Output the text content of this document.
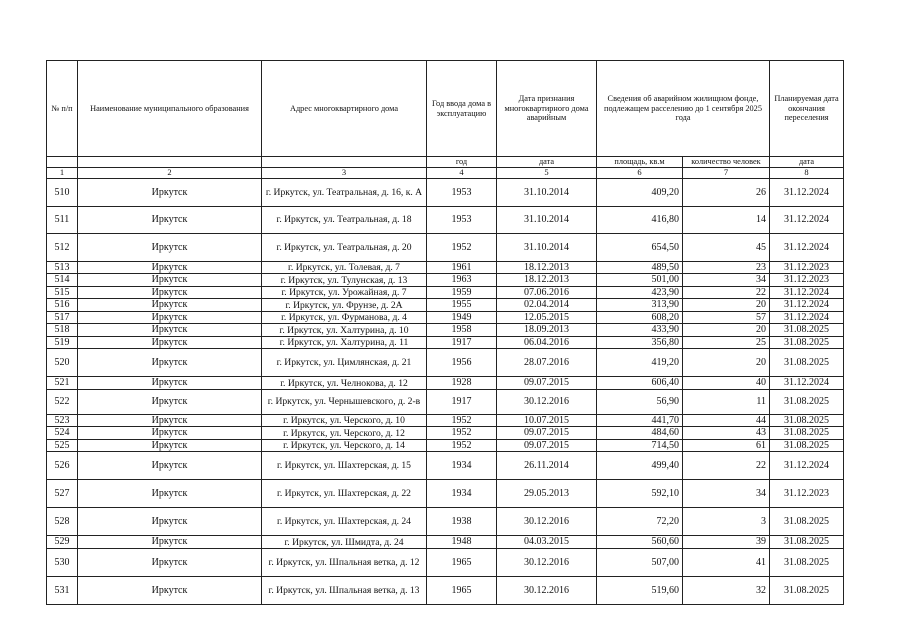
№ п/п	Наименование муниципального образования	Адрес многоквартирного дома	Год ввода дома в эксплуатацию	Дата признания многоквартирного дома аварийным	Сведения об аварийном жилищном фонде, подлежащем расселению до 1 сентября 2025 года		Планируемая дата окончания переселения
			год	дата	площадь, кв.м	количество человек	дата
1	2	3	4	5	6	7	8
510	Иркутск	г. Иркутск, ул. Театральная, д. 16, к. А	1953	31.10.2014	409,20	26	31.12.2024
511	Иркутск	г. Иркутск, ул. Театральная, д. 18	1953	31.10.2014	416,80	14	31.12.2024
512	Иркутск	г. Иркутск, ул. Театральная, д. 20	1952	31.10.2014	654,50	45	31.12.2024
513	Иркутск	г. Иркутск, ул. Толевая, д. 7	1961	18.12.2013	489,50	23	31.12.2023
514	Иркутск	г. Иркутск, ул. Тулунская, д. 13	1963	18.12.2013	501,00	34	31.12.2023
515	Иркутск	г. Иркутск, ул. Урожайная, д. 7	1959	07.06.2016	423,90	22	31.12.2024
516	Иркутск	г. Иркутск, ул. Фрунзе, д. 2А	1955	02.04.2014	313,90	20	31.12.2024
517	Иркутск	г. Иркутск, ул. Фурманова, д. 4	1949	12.05.2015	608,20	57	31.12.2024
518	Иркутск	г. Иркутск, ул. Халтурина, д. 10	1958	18.09.2013	433,90	20	31.08.2025
519	Иркутск	г. Иркутск, ул. Халтурина, д. 11	1917	06.04.2016	356,80	25	31.08.2025
520	Иркутск	г. Иркутск, ул. Цимлянская, д. 21	1956	28.07.2016	419,20	20	31.08.2025
521	Иркутск	г. Иркутск, ул. Челнокова, д. 12	1928	09.07.2015	606,40	40	31.12.2024
522	Иркутск	г. Иркутск, ул. Чернышевского, д. 2-в	1917	30.12.2016	56,90	11	31.08.2025
523	Иркутск	г. Иркутск, ул. Черского, д. 10	1952	10.07.2015	441,70	44	31.08.2025
524	Иркутск	г. Иркутск, ул. Черского, д. 12	1952	09.07.2015	484,60	43	31.08.2025
525	Иркутск	г. Иркутск, ул. Черского, д. 14	1952	09.07.2015	714,50	61	31.08.2025
526	Иркутск	г. Иркутск, ул. Шахтерская, д. 15	1934	26.11.2014	499,40	22	31.12.2024
527	Иркутск	г. Иркутск, ул. Шахтерская, д. 22	1934	29.05.2013	592,10	34	31.12.2023
528	Иркутск	г. Иркутск, ул. Шахтерская, д. 24	1938	30.12.2016	72,20	3	31.08.2025
529	Иркутск	г. Иркутск, ул. Шмидта, д. 24	1948	04.03.2015	560,60	39	31.08.2025
530	Иркутск	г. Иркутск, ул. Шпальная ветка, д. 12	1965	30.12.2016	507,00	41	31.08.2025
531	Иркутск	г. Иркутск, ул. Шпальная ветка, д. 13	1965	30.12.2016	519,60	32	31.08.2025
